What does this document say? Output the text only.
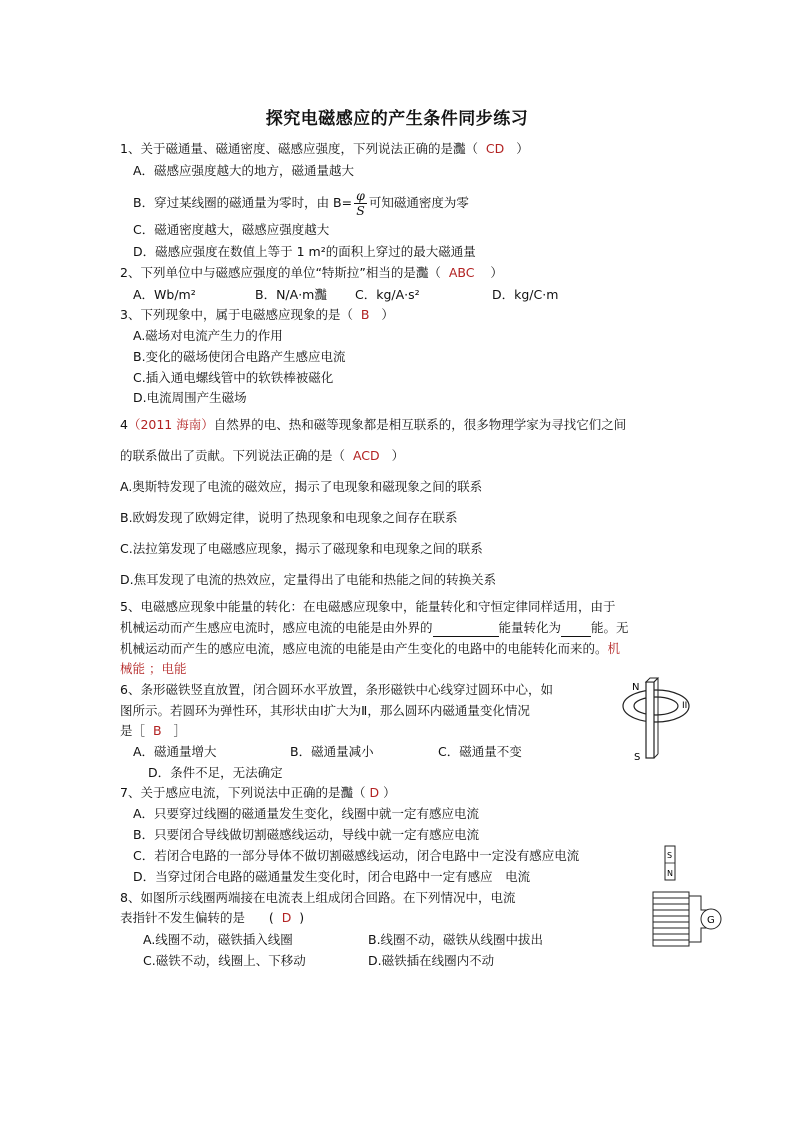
探究电磁感应的产生条件同步练习
1、关于磁通量、磁通密度、磁感应强度，下列说法正确的是灩（ CD ）
A．磁感应强度越大的地方，磁通量越大
B．穿过某线圈的磁通量为零时，由 $B= \frac{\varphi}{S}$ 可知磁通密度为零
C．磁通密度越大，磁感应强度越大
D．磁感应强度在数值上等于 1 m²的面积上穿过的最大磁通量
2、下列单位中与磁感应强度的单位“特斯拉”相当的是灩（ ABC ）
A．Wb/m²	B．N/A·m灩 C．kg/A·s²	D．kg/C·m
3、下列现象中，属于电磁感应现象的是（ B ）
A.磁场对电流产生力的作用
B.变化的磁场使闭合电路产生感应电流
C.插入通电螺线管中的软铁棒被磁化
D.电流周围产生磁场
4（2011 海南）自然界的电、热和磁等现象都是相互联系的，很多物理学家为寻找它们之间
的联系做出了贡献。下列说法正确的是（ ACD ）
A.奥斯特发现了电流的磁效应，揭示了电现象和磁现象之间的联系
B.欧姆发现了欧姆定律，说明了热现象和电现象之间存在联系
C.法拉第发现了电磁感应现象，揭示了磁现象和电现象之间的联系
D.焦耳发现了电流的热效应，定量得出了电能和热能之间的转换关系
5、电磁感应现象中能量的转化：在电磁感应现象中，能量转化和守恒定律同样适用，由于
机械运动而产生感应电流时，感应电流的电能是由外界的	能量转化为 能。无
机械运动而产生的感应电流，感应电流的电能是由产生变化的电路中的电能转化而来的。机
械能 ；电能
6、条形磁铁竖直放置，闭合圆环水平放置，条形磁铁中心线穿过圆环中心，如
图所示。若圆环为弹性环，其形状由Ⅰ扩大为Ⅱ，那么圆环内磁通量变化情况
是［ B ］
A．磁通量增大	B．磁通量减小	C．磁通量不变
D．条件不足，无法确定
N
S
II
7、关于感应电流，下列说法中正确的是灩（ D ）
A．只要穿过线圈的磁通量发生变化，线圈中就一定有感应电流
B．只要闭合导线做切割磁感线运动，导线中就一定有感应电流
C．若闭合电路的一部分导体不做切割磁感线运动，闭合电路中一定没有感应电流
D．当穿过闭合电路的磁通量发生变化时，闭合电路中一定有感应　电流
8、如图所示线圈两端接在电流表上组成闭合回路。在下列情况中，电流
表指针不发生偏转的是      (  D  )
A.线圈不动，磁铁插入线圈	B.线圈不动，磁铁从线圈中拔出
C.磁铁不动，线圈上、下移动	D.磁铁插在线圈内不动
S
N
G
